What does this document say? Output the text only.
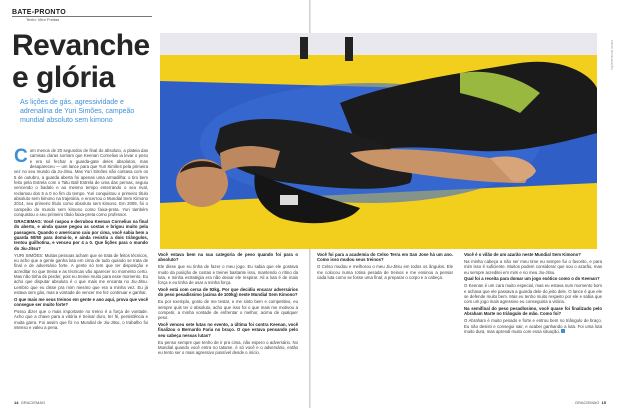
BATE-PRONTO
Texto: Vitor Freitas
FOTO: DIVULGAÇÃO
Revanche
e glória

As lições de gás, agressividade e adrenalina de Yuri Simões, campeão mundial absoluto sem kimono

Com menos de 20 segundos de final do absoluto, a plateia das camisas claras sorriam que Keenan Cornelius ia levar o peso e era só fechar a guarda-gate deles absolutos, mas desapareceu — um lance para que Yuri Simões pela primeira vez no seu mundo da Ju-Jitsu. Mas Yuri Simões não contava com os 5 de outubro, a guarda aberta foi apenas uma armadilha: o tiro bem feito pela Estrela com o Tatu Ball Estrela de uma das pernas, seguiu vencendo o badalo e ao mesmo tempo enterrando o seu rival, reclamou dos 5 a 0 no fim do tempo. Yuri conquistou o primeiro título absoluto sem kimono na trajetória, e encerrou o Mundial Sem Kimono 2014, seu primeiro título como absoluto sem kimono. Em 2009, foi o campeão do mundo sem kimono como faixa-preta. Yuri também conquistou o seu primeiro título faixa-preta como professor.

GRACIEMAG: Você raspou e derrubou Keenan Cornelius na final do aberto, e ainda quase pegou as costas e brigou muito pela passagem. Quando o americano caiu por cima, você sabia bem a guarda 50/50 para domá-lo, e ainda resistiu a dois triângulos, tentou guilhotina, e venceu por 4 a 0. Que lições para o mundo do Jiu-Jitsu?

YURI SIMÕES: Muitas pessoas acham que se trata de feitos técnicos, eu acho que a gente ganha luta em cima de tudo quando se trata de final e de adversário forte. A gente só tem que ter disposição e acreditar no que treina e as técnicas vão aparecer no momento certo. Mas não tinha de perder, pois eu treinei muito para esse momento. Eu acho que disputar absoluto é o que mais me encanta no Jiu-Jitsu. Lembro que eu disse pra mim mesmo que era a minha vez. Eu já estava sem gás, mas a vontade de vencer me fez continuar e ganhar.

O que mais me seus treinos em gente e ano aqui, prova que você consegue ser muito forte?

Posso dizer que o mais importante no treino é a força de vontade. Acho que a chave para a vitória é treinar duro, ter fé, persistência e muita garra. Foi assim que fiz no Mundial de Jiu-Jitsu, o trabalho foi intenso e valeu a pena.

Você estava bem na sua categoria de peso quando foi para o absoluto?

Ele disse que eu tinha de fazer o meu jogo. Eu sabia que ele gostava muito da posição de costas e treinei bastante isso, mantendo o ritmo da luta, e minha estratégia era não deixar ele respirar. Ali a luta é de mais força e eu tinha de usar a minha força.

Você está com cerca de 92kg. Por que decidiu encarar adversários do peso pesadíssimo (acima de 100kg) neste Mundial Sem Kimono?

Eu por exemplo, gosto de me testar, e me sinto bem e competitivo, eu sempre quis ter o absoluto, acho que isso foi o que mais me motivou a competir, a minha vontade de enfrentar o melhor, acima de qualquer peso.

Você venceu sete lutas no evento, a última foi contra Keenan, você finalizou o Bernardo Faria no braço. O que estava pensando pelo seu cabeça nessas lutas?

Eu penso sempre que tenho de ir pra cima, não espero o adversário. No Mundial quando você entra no tatame, é só você e o adversário, então eu tento ser o mais agressivo possível desde o início.

Você foi para a academia do Celso Terra em San Jose há um ano. Como isso mudou seus treinos?

O Celso mudou e melhorou o meu Jiu-Jitsu em todos os ângulos. Ele me colocou numa rotina pesada de treinos e me ensinou a pensar cada luta como se fosse uma final, a preparar o corpo e a cabeça.

Você é o vilão de um azarão neste Mundial Sem Kimono?

Na minha cabeça a não ser meu time eu sempre fui o favorito, e para mim isso é suficiente. Muitos podem considerar que sou o azarão, mas eu sempre acreditei em mim e no meu Jiu-Jitsu.

Qual foi a receita para domar um jogo exótico como o do Keenan?

O Keenan é um cara muito especial, mas eu estava num momento bom e achava que ele passava a guarda dele do jeito dele. O lance é que ele se defende muito bem. Mas eu tenho muito respeito por ele e sabia que com um jogo mais agressivo eu conseguiria a vitória.

Na semifinal do peso pesadíssimo, você quase foi finalizado pelo Abraham Marte no triângulo de mão. Como foi?

O Abraham é muito pesado e forte e entrou bem no triângulo de braço. Eu não desisti e consegui sair, e acabei ganhando a luta. Foi uma luta muito dura, mas aprendi muito com essa situação.

14 GRACIEMAG	GRACIEMAG 15
